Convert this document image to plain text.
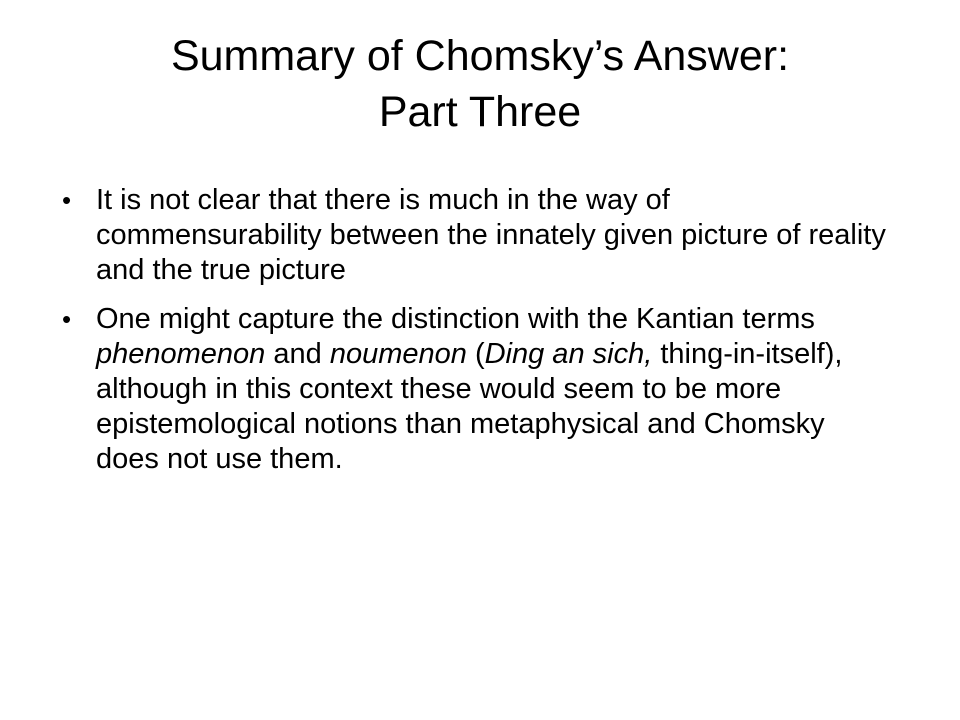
Summary of Chomsky’s Answer:
Part Three
• It is not clear that there is much in the way of commensurability between the innately given picture of reality and the true picture
• One might capture the distinction with the Kantian terms phenomenon and noumenon (Ding an sich, thing-in-itself), although in this context these would seem to be more epistemological notions than metaphysical and Chomsky does not use them.
